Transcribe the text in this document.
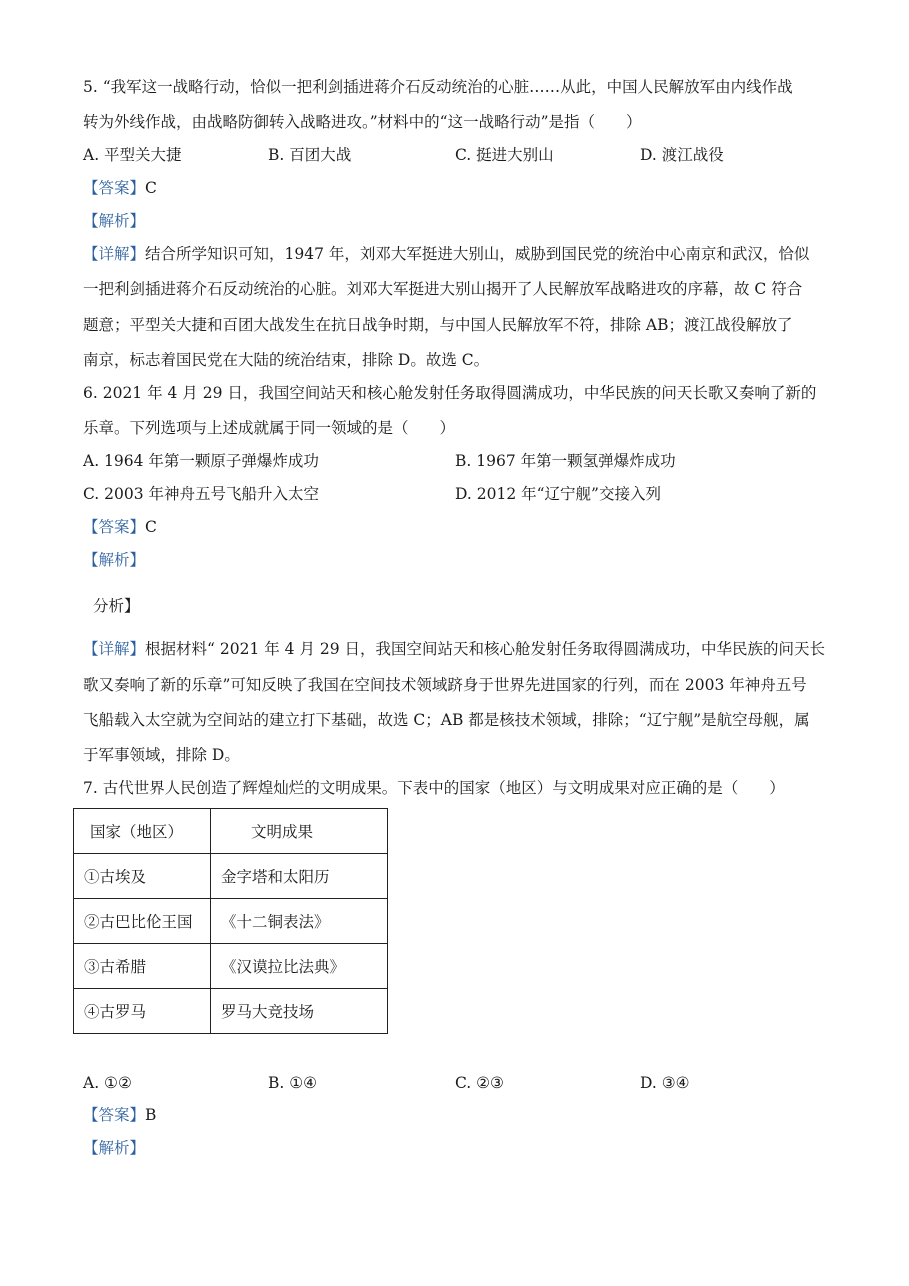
5. “我军这一战略行动，恰似一把利剑插进蒋介石反动统治的心脏……从此，中国人民解放军由内线作战
转为外线作战，由战略防御转入战略进攻。”材料中的“这一战略行动”是指（　　）
A. 平型关大捷	B. 百团大战	C. 挺进大别山	D. 渡江战役
【答案】C
【解析】
【详解】结合所学知识可知，1947 年，刘邓大军挺进大别山，威胁到国民党的统治中心南京和武汉，恰似
一把利剑插进蒋介石反动统治的心脏。刘邓大军挺进大别山揭开了人民解放军战略进攻的序幕，故 C 符合
题意；平型关大捷和百团大战发生在抗日战争时期，与中国人民解放军不符，排除 AB；渡江战役解放了
南京，标志着国民党在大陆的统治结束，排除 D。故选 C。
6. 2021 年 4 月 29 日，我国空间站天和核心舱发射任务取得圆满成功，中华民族的问天长歌又奏响了新的
乐章。下列选项与上述成就属于同一领域的是（　　）
A. 1964 年第一颗原子弹爆炸成功	B. 1967 年第一颗氢弹爆炸成功
C. 2003 年神舟五号飞船升入太空	D. 2012 年“辽宁舰”交接入列
【答案】C
【解析】
分析】
【详解】根据材料“ 2021 年 4 月 29 日，我国空间站天和核心舱发射任务取得圆满成功，中华民族的问天长
歌又奏响了新的乐章”可知反映了我国在空间技术领域跻身于世界先进国家的行列，而在 2003 年神舟五号
飞船载入太空就为空间站的建立打下基础，故选 C；AB 都是核技术领域，排除；“辽宁舰”是航空母舰，属
于军事领域，排除 D。
7. 古代世界人民创造了辉煌灿烂的文明成果。下表中的国家（地区）与文明成果对应正确的是（　　）
国家（地区）	文明成果
①古埃及	金字塔和太阳历
②古巴比伦王国	《十二铜表法》
③古希腊	《汉谟拉比法典》
④古罗马	罗马大竞技场
A. ①②	B. ①④	C. ②③	D. ③④
【答案】B
【解析】
